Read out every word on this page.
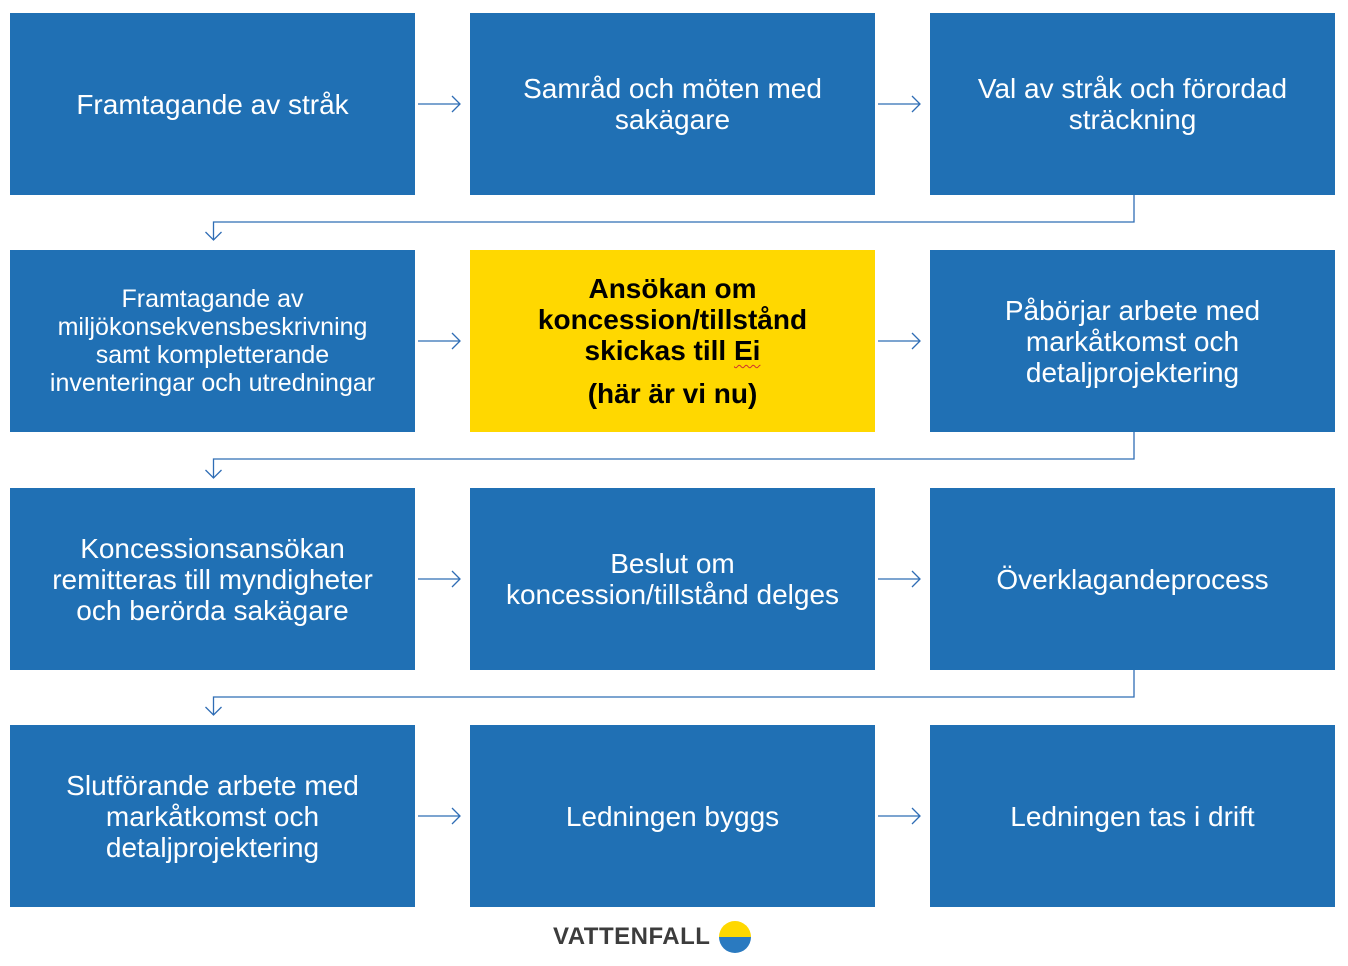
Framtagande av stråk	Samråd och möten med
sakägare
Val av stråk och förordad
sträckning
Framtagande av
miljökonsekvensbeskrivning
samt kompletterande
inventeringar och utredningar
Ansökan om
koncession/tillstånd
skickas till Ei
(här är vi nu)
Påbörjar arbete med
markåtkomst och
detaljprojektering
Koncessionsansökan
remitteras till myndigheter
och berörda sakägare
Beslut om
koncession/tillstånd delges	Överklagandeprocess
Slutförande arbete med
markåtkomst och
detaljprojektering
Ledningen byggs	Ledningen tas i drift
VATTENFALL
